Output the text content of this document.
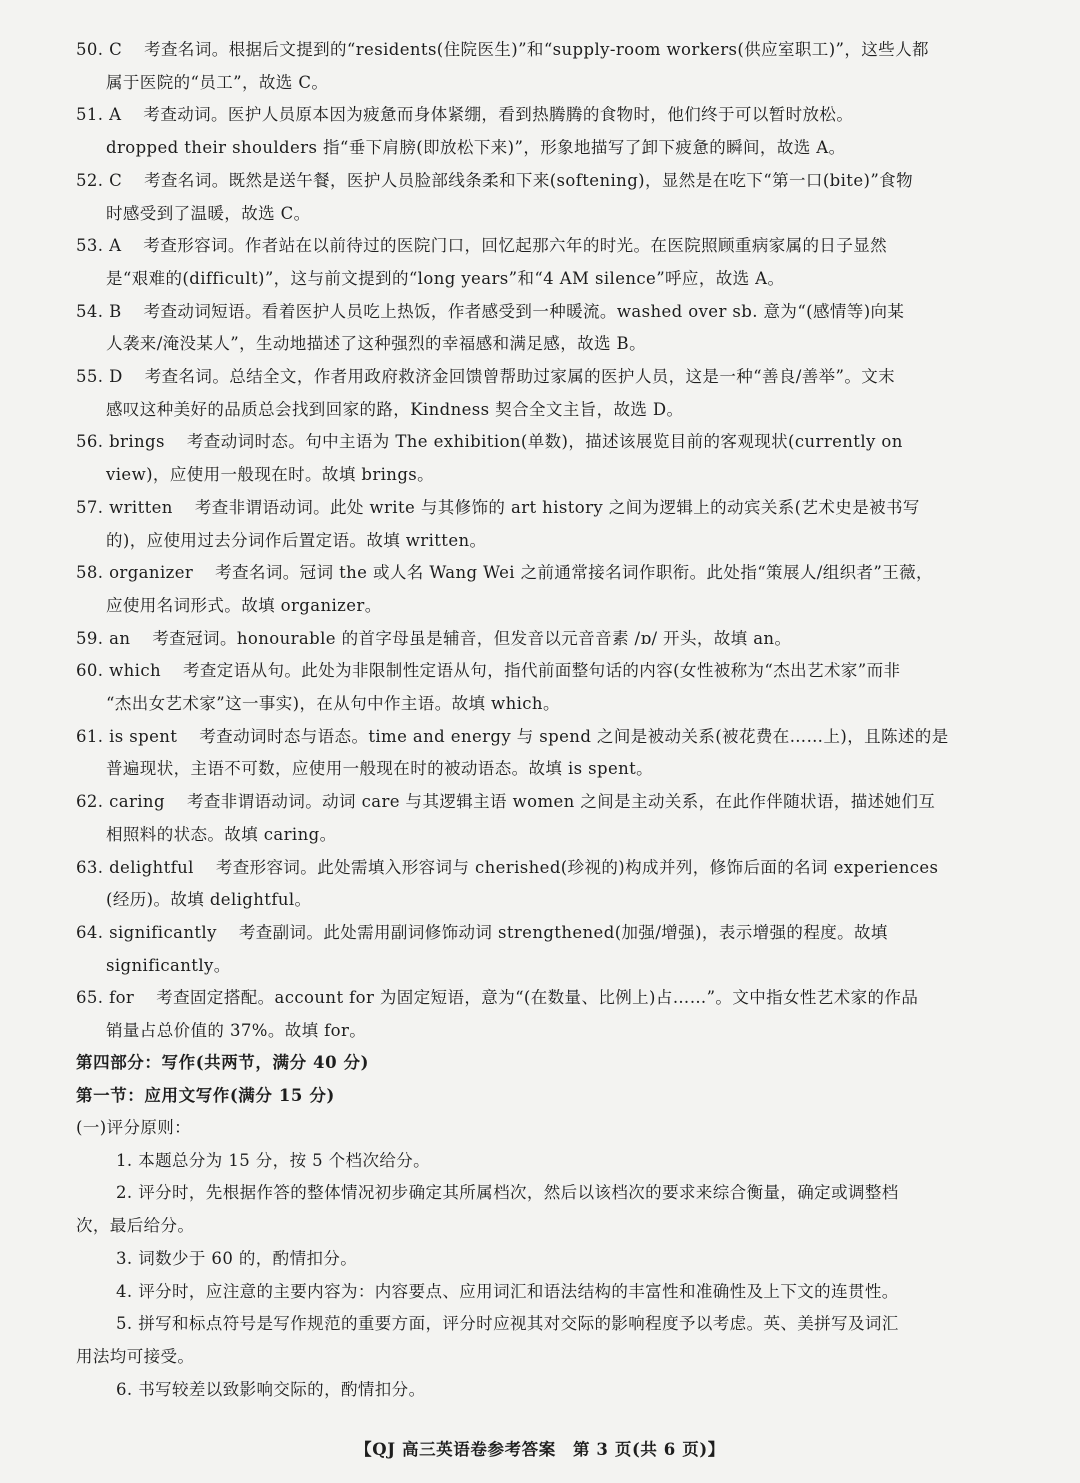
50. C 考查名词。根据后文提到的“residents(住院医生)”和“supply-room workers(供应室职工)”，这些人都
属于医院的“员工”，故选 C。
51. A 考查动词。医护人员原本因为疲惫而身体紧绷，看到热腾腾的食物时，他们终于可以暂时放松。
dropped their shoulders 指“垂下肩膀(即放松下来)”，形象地描写了卸下疲惫的瞬间，故选 A。
52. C 考查名词。既然是送午餐，医护人员脸部线条柔和下来(softening)，显然是在吃下“第一口(bite)”食物
时感受到了温暖，故选 C。
53. A 考查形容词。作者站在以前待过的医院门口，回忆起那六年的时光。在医院照顾重病家属的日子显然
是“艰难的(difficult)”，这与前文提到的“long years”和“4 AM silence”呼应，故选 A。
54. B 考查动词短语。看着医护人员吃上热饭，作者感受到一种暖流。washed over sb. 意为“(感情等)向某
人袭来/淹没某人”，生动地描述了这种强烈的幸福感和满足感，故选 B。
55. D 考查名词。总结全文，作者用政府救济金回馈曾帮助过家属的医护人员，这是一种“善良/善举”。文末
感叹这种美好的品质总会找到回家的路，Kindness 契合全文主旨，故选 D。
56. brings 考查动词时态。句中主语为 The exhibition(单数)，描述该展览目前的客观现状(currently on
view)，应使用一般现在时。故填 brings。
57. written 考查非谓语动词。此处 write 与其修饰的 art history 之间为逻辑上的动宾关系(艺术史是被书写
的)，应使用过去分词作后置定语。故填 written。
58. organizer 考查名词。冠词 the 或人名 Wang Wei 之前通常接名词作职衔。此处指“策展人/组织者”王薇，
应使用名词形式。故填 organizer。
59. an 考查冠词。honourable 的首字母虽是辅音，但发音以元音音素 /ɒ/ 开头，故填 an。
60. which 考查定语从句。此处为非限制性定语从句，指代前面整句话的内容(女性被称为“杰出艺术家”而非
“杰出女艺术家”这一事实)，在从句中作主语。故填 which。
61. is spent 考查动词时态与语态。time and energy 与 spend 之间是被动关系(被花费在……上)，且陈述的是
普遍现状，主语不可数，应使用一般现在时的被动语态。故填 is spent。
62. caring 考查非谓语动词。动词 care 与其逻辑主语 women 之间是主动关系，在此作伴随状语，描述她们互
相照料的状态。故填 caring。
63. delightful 考查形容词。此处需填入形容词与 cherished(珍视的)构成并列，修饰后面的名词 experiences
(经历)。故填 delightful。
64. significantly 考查副词。此处需用副词修饰动词 strengthened(加强/增强)，表示增强的程度。故填
significantly。
65. for 考查固定搭配。account for 为固定短语，意为“(在数量、比例上)占……”。文中指女性艺术家的作品
销量占总价值的 37%。故填 for。
第四部分：写作(共两节，满分 40 分)
第一节：应用文写作(满分 15 分)
(一)评分原则：
1. 本题总分为 15 分，按 5 个档次给分。
2. 评分时，先根据作答的整体情况初步确定其所属档次，然后以该档次的要求来综合衡量，确定或调整档
次，最后给分。
3. 词数少于 60 的，酌情扣分。
4. 评分时，应注意的主要内容为：内容要点、应用词汇和语法结构的丰富性和准确性及上下文的连贯性。
5. 拼写和标点符号是写作规范的重要方面，评分时应视其对交际的影响程度予以考虑。英、美拼写及词汇
用法均可接受。
6. 书写较差以致影响交际的，酌情扣分。
【QJ 高三英语卷参考答案　第 3 页(共 6 页)】
